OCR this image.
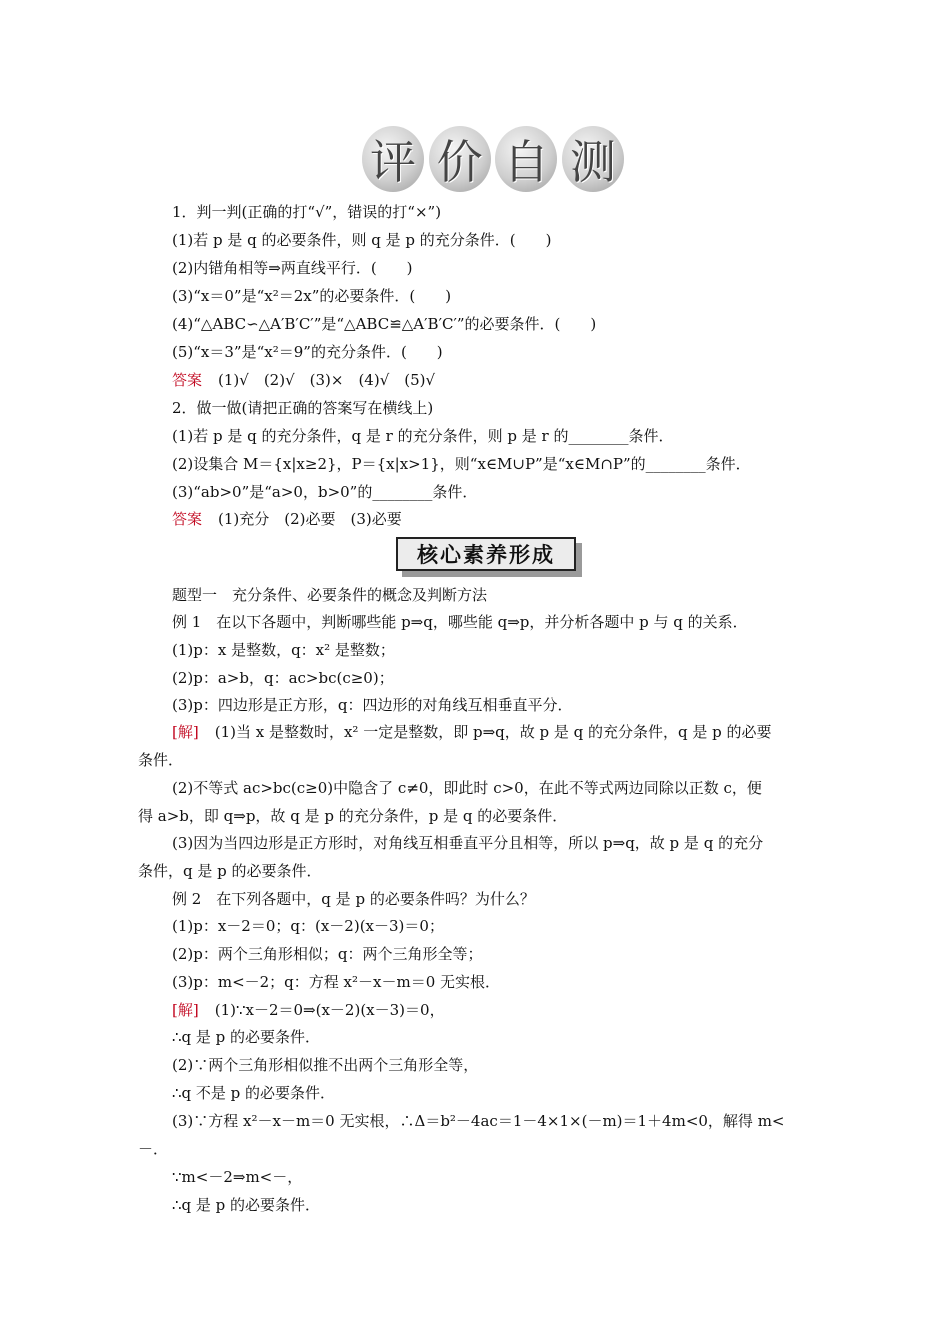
评 价 自 测
1．判一判(正确的打“√”，错误的打“×”)
(1)若 p 是 q 的必要条件，则 q 是 p 的充分条件．(　　)
(2)内错角相等⇒两直线平行．(　　)
(3)“x＝0”是“x²＝2x”的必要条件．(　　)
(4)“△ABC∽△A′B′C′”是“△ABC≌△A′B′C′”的必要条件．(　　)
(5)“x＝3”是“x²＝9”的充分条件．(　　)
答案 (1)√　(2)√　(3)×　(4)√　(5)√
2．做一做(请把正确的答案写在横线上)
(1)若 p 是 q 的充分条件，q 是 r 的充分条件，则 p 是 r 的________条件．
(2)设集合 M＝{x|x≥2}，P＝{x|x>1}，则“x∈M∪P”是“x∈M∩P”的________条件．
(3)“ab>0”是“a>0，b>0”的________条件．
答案 (1)充分　(2)必要　(3)必要
核心素养形成
题型一　充分条件、必要条件的概念及判断方法
例 1　在以下各题中，判断哪些能 p⇒q，哪些能 q⇒p，并分析各题中 p 与 q 的关系．
(1)p：x 是整数，q：x² 是整数；
(2)p：a>b，q：ac>bc(c≥0)；
(3)p：四边形是正方形，q：四边形的对角线互相垂直平分．
[解] (1)当 x 是整数时，x² 一定是整数，即 p⇒q，故 p 是 q 的充分条件，q 是 p 的必要
条件．
(2)不等式 ac>bc(c≥0)中隐含了 c≠0，即此时 c>0，在此不等式两边同除以正数 c，便
得 a>b，即 q⇒p，故 q 是 p 的充分条件，p 是 q 的必要条件．
(3)因为当四边形是正方形时，对角线互相垂直平分且相等，所以 p⇒q，故 p 是 q 的充分
条件，q 是 p 的必要条件．
例 2　在下列各题中，q 是 p 的必要条件吗？为什么？
(1)p：x－2＝0；q：(x－2)(x－3)＝0；
(2)p：两个三角形相似；q：两个三角形全等；
(3)p：m<－2；q：方程 x²－x－m＝0 无实根．
[解] (1)∵x－2＝0⇒(x－2)(x－3)＝0，
∴q 是 p 的必要条件．
(2)∵两个三角形相似推不出两个三角形全等，
∴q 不是 p 的必要条件．
(3)∵方程 x²－x－m＝0 无实根，∴Δ＝b²－4ac＝1－4×1×(－m)＝1＋4m<0，解得 m<
－．
∵m<－2⇒m<－，
∴q 是 p 的必要条件．
